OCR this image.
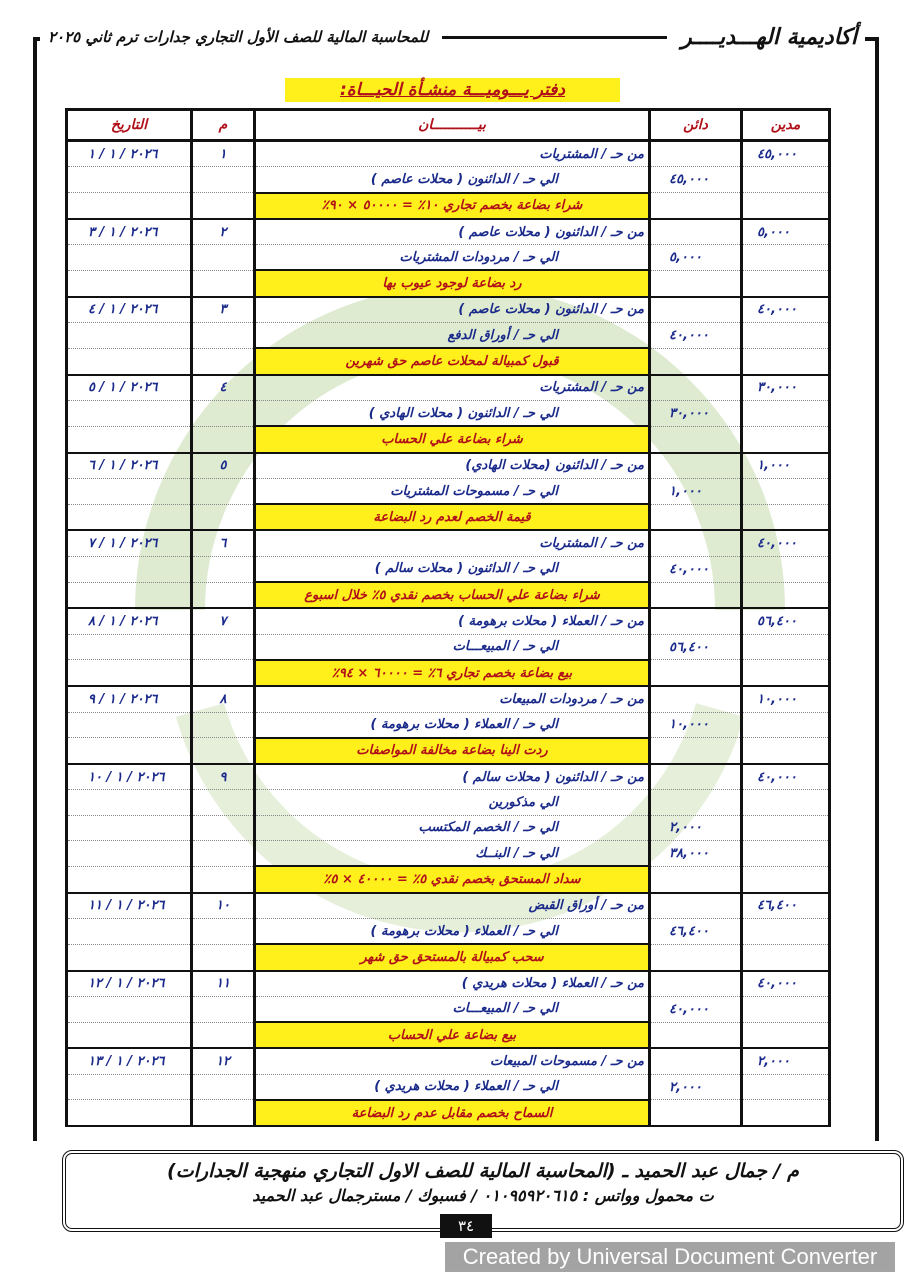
أكاديمية الهـــديــــر
للمحاسبة المالية للصف الأول التجاري جدارات ترم ثاني ٢٠٢٥
دفتر يـــوميـــة منشـأة الحيـــاة:
مدين	دائن	بيـــــــــــان	م	التاريخ
٤٥,٠٠٠		من حـ / المشتريات	١	٢٠٢٦ / ١ / ١
	٤٥,٠٠٠	الي حـ / الدائنون ( محلات عاصم )		
		شراء بضاعة بخصم تجاري ١٠٪ = ٥٠٠٠٠ × ٩٠٪		
٥,٠٠٠		من حـ / الدائنون ( محلات عاصم )	٢	٢٠٢٦ / ١ / ٣
	٥,٠٠٠	الي حـ / مردودات المشتريات		
		رد بضاعة لوجود عيوب بها		
٤٠,٠٠٠		من حـ / الدائنون ( محلات عاصم )	٣	٢٠٢٦ / ١ / ٤
	٤٠,٠٠٠	الي حـ / أوراق الدفع		
		قبول كمبيالة لمحلات عاصم حق شهرين		
٣٠,٠٠٠		من حـ / المشتريات	٤	٢٠٢٦ / ١ / ٥
	٣٠,٠٠٠	الي حـ / الدائنون ( محلات الهادي )		
		شراء بضاعة علي الحساب		
١,٠٠٠		من حـ / الدائنون (محلات الهادي)	٥	٢٠٢٦ / ١ / ٦
	١,٠٠٠	الي حـ / مسموحات المشتريات		
		قيمة الخصم لعدم رد البضاعة		
٤٠,٠٠٠		من حـ / المشتريات	٦	٢٠٢٦ / ١ / ٧
	٤٠,٠٠٠	الي حـ / الدائنون ( محلات سالم )		
		شراء بضاعة علي الحساب بخصم نقدي ٥٪ خلال اسبوع		
٥٦,٤٠٠		من حـ / العملاء ( محلات برهومة )	٧	٢٠٢٦ / ١ / ٨
	٥٦,٤٠٠	الي حـ / المبيعـــات		
		بيع بضاعة بخصم تجاري ٦٪ = ٦٠٠٠٠ × ٩٤٪		
١٠,٠٠٠		من حـ / مردودات المبيعات	٨	٢٠٢٦ / ١ / ٩
	١٠,٠٠٠	الي حـ / العملاء ( محلات برهومة )		
		ردت الينا بضاعة مخالفة المواصفات		
٤٠,٠٠٠		من حـ / الدائنون ( محلات سالم )	٩	٢٠٢٦ / ١ / ١٠
		الي مذكورين		
	٢,٠٠٠	الي حـ / الخصم المكتسب		
	٣٨,٠٠٠	الي حـ / البنــك		
		سداد المستحق بخصم نقدي ٥٪ = ٤٠٠٠٠ × ٥٪		
٤٦,٤٠٠		من حـ / أوراق القبض	١٠	٢٠٢٦ / ١ / ١١
	٤٦,٤٠٠	الي حـ / العملاء ( محلات برهومة )		
		سحب كمبيالة بالمستحق حق شهر		
٤٠,٠٠٠		من حـ / العملاء ( محلات هريدي )	١١	٢٠٢٦ / ١ / ١٢
	٤٠,٠٠٠	الي حـ / المبيعـــات		
		بيع بضاعة علي الحساب		
٢,٠٠٠		من حـ / مسموحات المبيعات	١٢	٢٠٢٦ / ١ / ١٣
	٢,٠٠٠	الي حـ / العملاء ( محلات هريدي )		
		السماح بخصم مقابل عدم رد البضاعة		
م / جمال عبد الحميد ـ (المحاسبة المالية للصف الاول التجاري منهجية الجدارات)
ت محمول وواتس : ٠١٠٩٥٩٢٠٦١٥ / فسبوك / مسترجمال عبد الحميد
٣٤
Created by Universal Document Converter
